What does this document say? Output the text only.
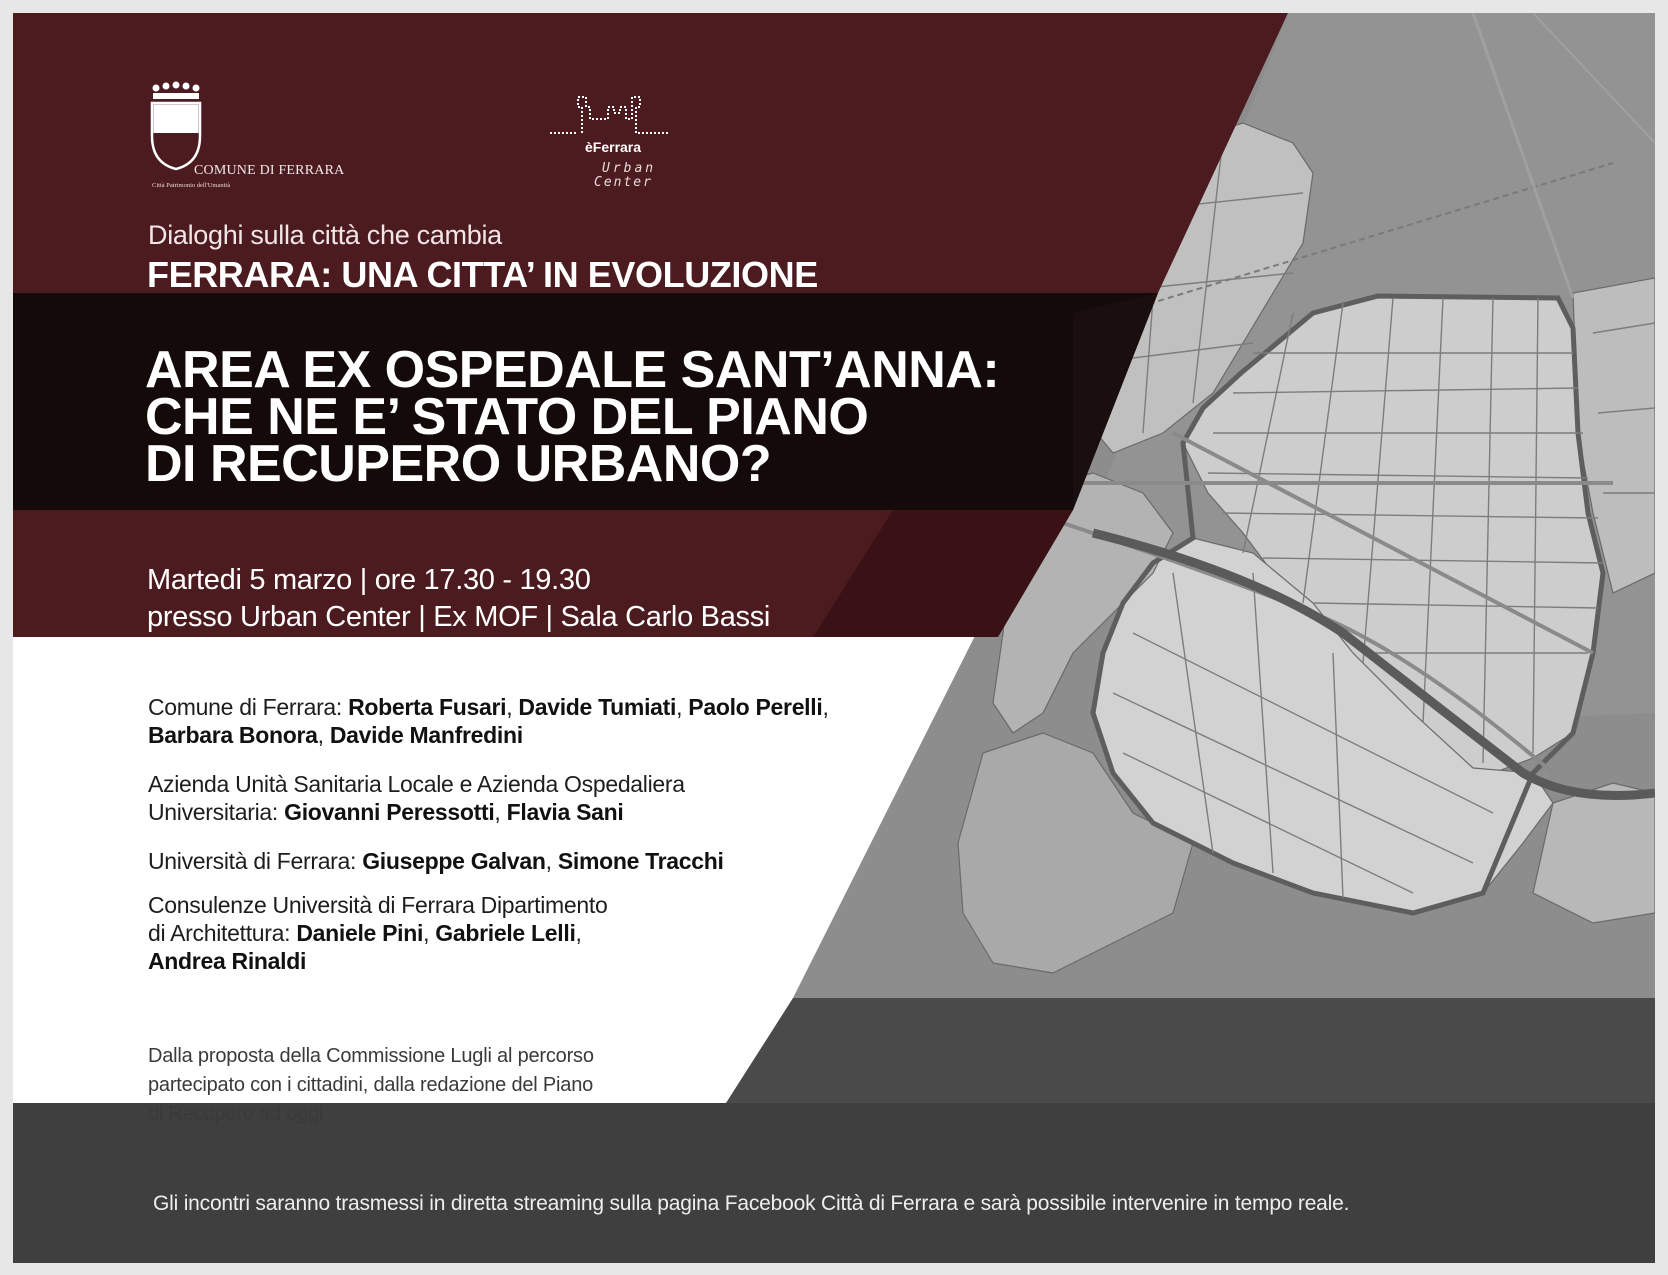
COMUNE DI FERRARA
Città Patrimonio dell'Umanità
èFerrara
Urban
Center
Dialoghi sulla città che cambia
FERRARA: UNA CITTA’ IN EVOLUZIONE
AREA EX OSPEDALE SANT’ANNA:
CHE NE E’ STATO DEL PIANO
DI RECUPERO URBANO?
Martedi 5 marzo | ore 17.30 - 19.30
presso Urban Center | Ex MOF | Sala Carlo Bassi
Comune di Ferrara: Roberta Fusari, Davide Tumiati, Paolo Perelli,
Barbara Bonora, Davide Manfredini
Azienda Unità Sanitaria Locale e Azienda Ospedaliera
Universitaria: Giovanni Peressotti, Flavia Sani
Università di Ferrara: Giuseppe Galvan, Simone Tracchi
Consulenze Università di Ferrara Dipartimento
di Architettura: Daniele Pini, Gabriele Lelli,
Andrea Rinaldi
Dalla proposta della Commissione Lugli al percorso
partecipato con i cittadini, dalla redazione del Piano
di Recupero ad oggi
Gli incontri saranno trasmessi in diretta streaming sulla pagina Facebook Città di Ferrara e sarà possibile intervenire in tempo reale.
